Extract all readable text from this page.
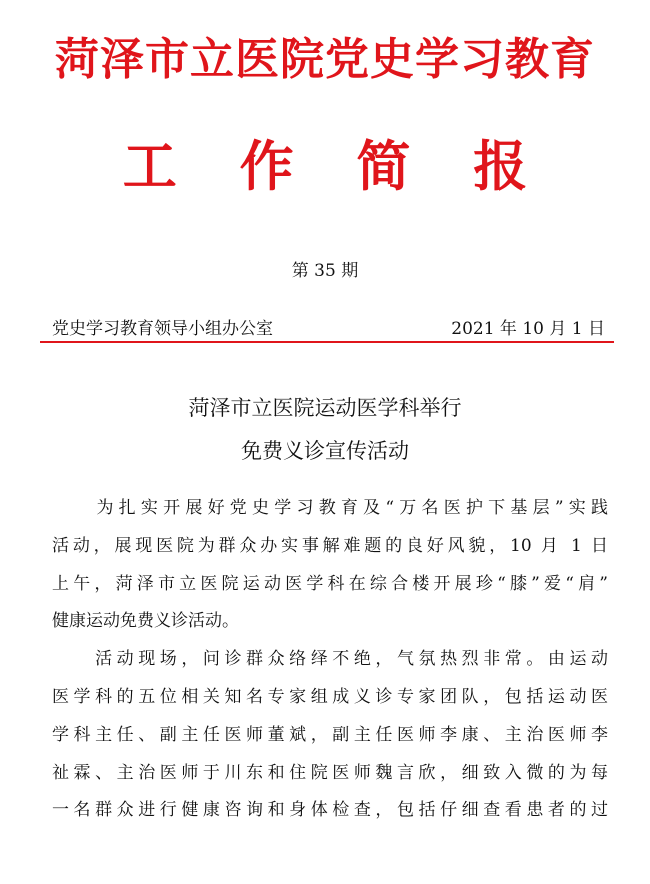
菏泽市立医院党史学习教育
工 作 简 报
第 35 期
党史学习教育领导小组办公室	2021 年 10 月 1 日
菏泽市立医院运动医学科举行
免费义诊宣传活动
　　为扎实开展好党史学习教育及“万名医护下基层”实践
活动，展现医院为群众办实事解难题的良好风貌，10 月 1 日
上午，菏泽市立医院运动医学科在综合楼开展珍“膝”爱“肩”
健康运动免费义诊活动。
　　活动现场，问诊群众络绎不绝，气氛热烈非常。由运动
医学科的五位相关知名专家组成义诊专家团队，包括运动医
学科主任、副主任医师董斌，副主任医师李康、主治医师李
祉霖、主治医师于川东和住院医师魏言欣，细致入微的为每
一名群众进行健康咨询和身体检查，包括仔细查看患者的过
